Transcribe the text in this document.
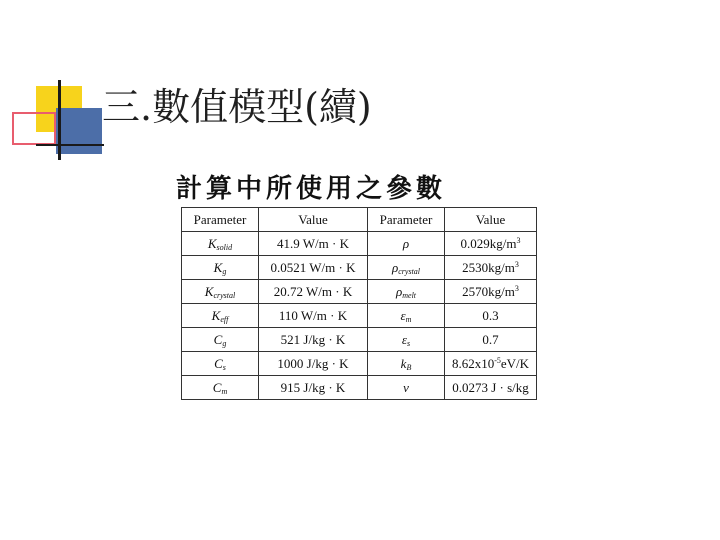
三.數值模型(續)
計算中所使用之參數
Parameter	Value	Parameter	Value
$K_{solid}$	41.9 W/m · K	ρ	$0.029kg/m^3$
$K_g$	0.0521 W/m · K	$\rho_{crystal}$	$2530kg/m^3$
$K_{crystal}$	20.72 W/m · K	$\rho_{melt}$	$2570kg/m^3$
$K_{eff}$	110 W/m · K	$\varepsilon_m$	0.3
$C_g$	521 J/kg · K	$\varepsilon_s$	0.7
$C_s$	1000 J/kg · K	$k_B$	$8.62x10^{-5}eV/K$
$C_m$	915 J/kg · K	v	0.0273 J · s/kg
